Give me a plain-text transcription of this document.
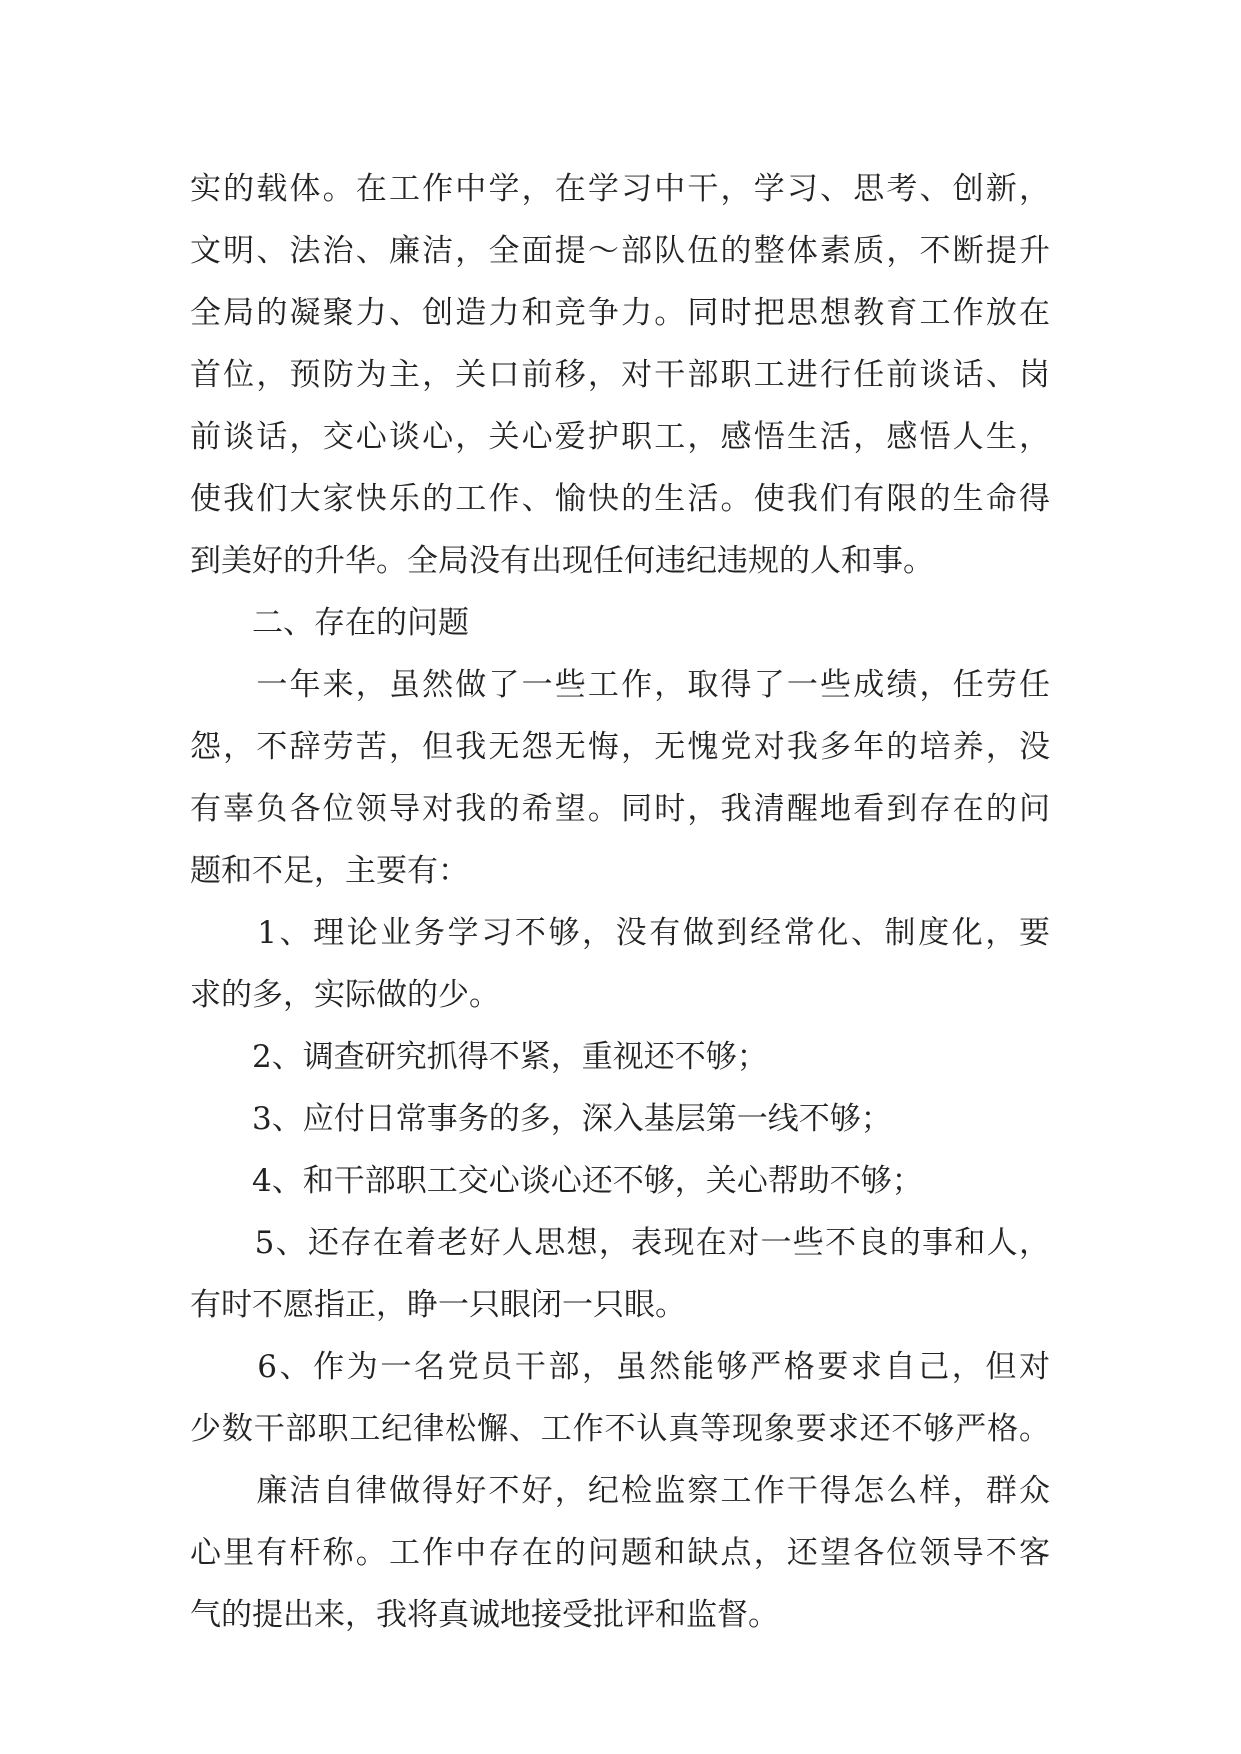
实的载体。在工作中学，在学习中干，学习、思考、创新，
文明、法治、廉洁，全面提～部队伍的整体素质，不断提升
全局的凝聚力、创造力和竞争力。同时把思想教育工作放在
首位，预防为主，关口前移，对干部职工进行任前谈话、岗
前谈话，交心谈心，关心爱护职工，感悟生活，感悟人生，
使我们大家快乐的工作、愉快的生活。使我们有限的生命得
到美好的升华。全局没有出现任何违纪违规的人和事。
　　二、存在的问题
　　一年来，虽然做了一些工作，取得了一些成绩，任劳任
怨，不辞劳苦，但我无怨无悔，无愧党对我多年的培养，没
有辜负各位领导对我的希望。同时，我清醒地看到存在的问
题和不足，主要有：
　　1、理论业务学习不够，没有做到经常化、制度化，要
求的多，实际做的少。
　　2、调查研究抓得不紧，重视还不够；
　　3、应付日常事务的多，深入基层第一线不够；
　　4、和干部职工交心谈心还不够，关心帮助不够；
　　5、还存在着老好人思想，表现在对一些不良的事和人，
有时不愿指正，睁一只眼闭一只眼。
　　6、作为一名党员干部，虽然能够严格要求自己，但对
少数干部职工纪律松懈、工作不认真等现象要求还不够严格。
　　廉洁自律做得好不好，纪检监察工作干得怎么样，群众
心里有杆称。工作中存在的问题和缺点，还望各位领导不客
气的提出来，我将真诚地接受批评和监督。
